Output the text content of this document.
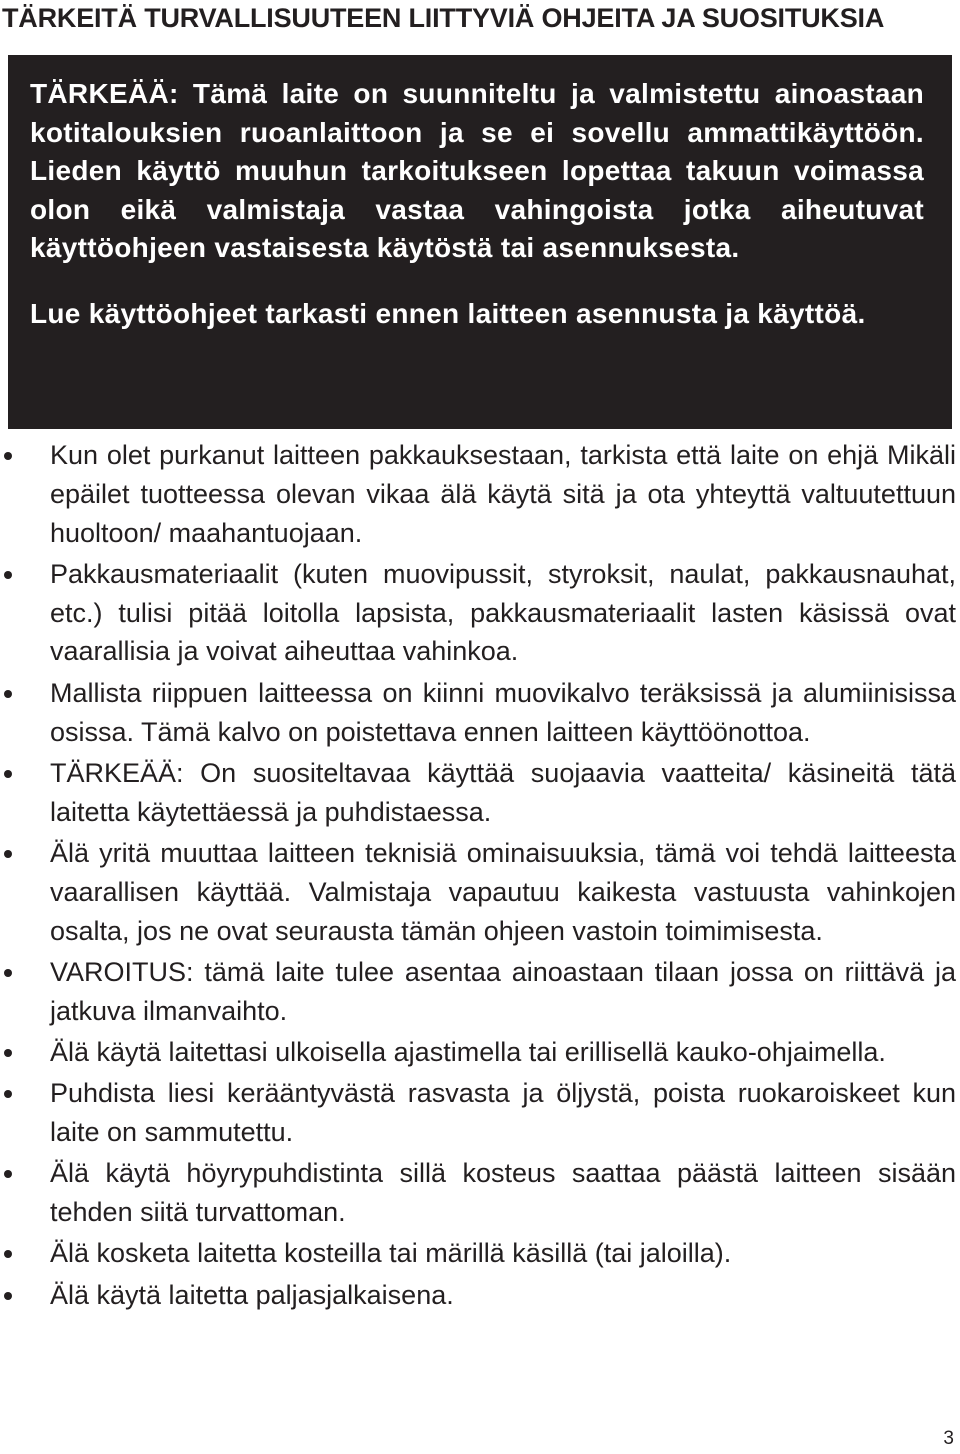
TÄRKEITÄ TURVALLISUUTEEN LIITTYVIÄ OHJEITA JA SUOSITUKSIA

TÄRKEÄÄ: Tämä laite on suunniteltu ja valmistettu ainoastaan kotitalouksien ruoanlaittoon ja se ei sovellu ammattikäyttöön. Lieden käyttö muuhun tarkoitukseen lopettaa takuun voimassa olon eikä valmistaja vastaa vahingoista jotka aiheutuvat käyttöohjeen vastaisesta käytöstä tai asennuksesta.

Lue käyttöohjeet tarkasti ennen laitteen asennusta ja käyttöä.

Kun olet purkanut laitteen pakkauksestaan, tarkista että laite on ehjä Mikäli epäilet tuotteessa olevan vikaa älä käytä sitä ja ota yhteyttä valtuutettuun huoltoon/ maahantuojaan.
Pakkausmateriaalit (kuten muovipussit, styroksit, naulat, pakkausnauhat, etc.) tulisi pitää loitolla lapsista, pakkausmateriaalit lasten käsissä ovat vaarallisia ja voivat aiheuttaa vahinkoa.
Mallista riippuen laitteessa on kiinni muovikalvo teräksissä ja alumiinisissa osissa. Tämä kalvo on poistettava ennen laitteen käyttöönottoa.
TÄRKEÄÄ: On suositeltavaa käyttää suojaavia vaatteita/ käsineitä tätä laitetta käytettäessä ja puhdistaessa.
Älä yritä muuttaa laitteen teknisiä ominaisuuksia, tämä voi tehdä laitteesta vaarallisen käyttää. Valmistaja vapautuu kaikesta vastuusta vahinkojen osalta, jos ne ovat seurausta tämän ohjeen vastoin toimimisesta.
VAROITUS: tämä laite tulee asentaa ainoastaan tilaan jossa on riittävä ja jatkuva ilmanvaihto.
Älä käytä laitettasi ulkoisella ajastimella tai erillisellä kauko-ohjaimella.
Puhdista liesi kerääntyvästä rasvasta ja öljystä, poista ruokaroiskeet kun laite on sammutettu.
Älä käytä höyrypuhdistinta sillä kosteus saattaa päästä laitteen sisään tehden siitä turvattoman.
Älä kosketa laitetta kosteilla tai märillä käsillä (tai jaloilla).
Älä käytä laitetta paljasjalkaisena.
3
